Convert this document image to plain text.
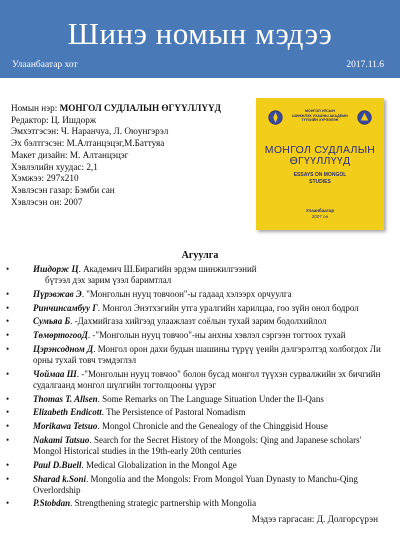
Шинэ номын мэдээ
Улаанбаатар хот	2017.11.6
Номын нэр: МОНГОЛ СУДЛАЛЫН ӨГҮҮЛЛҮҮД
Редактор: Ц. Ишдорж
Эмхэтгэсэн: Ч. Наранчуа, Л. Оюунгэрэл
Эх бэлтгэсэн: М.Алтанцэцэг,М.Баттуяа
Макет дизайн: М. Алтанцэцэг
Хэвлэлийн хуудас: 2,1
Хэмжээ: 297х210
Хэвлэсэн газар: Бэмби сан
Хэвлэсэн он: 2007
МОНГОЛ УЛСЫН
ШИНЖЛЭХ УХААНЫ АКАДЕМИ
ТҮҮХИЙН ХҮРЭЭЛЭН
МОНГОЛ СУДЛАЛЫН
ӨГҮҮЛЛҮҮД
ESSAYS ON MONGOL
STUDIES
Улаанбаатар
2007 он
Агуулга
•	Ишдорж Ц. Академич Ш.Бирагийн эрдэм шинжилгээний
бүтээл дэх зарим үзэл баримтлал
•	Пүрэвжав Э. "Монголын нууц товчоон"-ы гадаад хэлээрх орчуулга
•	Ринчинсамбуу Г. Монгол Энэтхэгийн утга уралгийн харилцаа, гоо зүйн онол бодрол
•	Сумьяа Б. -Дахмийгаза хийгээд улаажлазт соёлын тухай зарим бодолхийлол
•	ТөмөртогооД. -"Монголын нууц товчоо"-ны анхны хэвлэл сэргээн тогтоох тухай
•	Цэрэнсодном Д. Монгол орон дахи будын шашины түрүү үеийн дэлгэрэлтэд холбогдох Ли
орны тухай товч тэмдэглэл
•	Чоймаа Ш. -"Монголын нууц товчоо" болон бусад монгол түүхэн сурвалжийн эх бичгийн
судалгаанд монгол шүлгийн тогтолцооны үүрэг
•	Thomas T. Allsen. Some Remarks on The Language Situation Under the Il-Qans
•	Elizabeth Endicott. The Persistence of Pastoral Nomadism
•	Morikawa Tetsuo. Mongol Chronicle and the Genealogy of the Chinggisid House
•	Nakami Tatsuo. Search for the Secret History of the Mongols: Qing and Japanese scholars'
Mongol Historical studies in the 19th-early 20th centuries
•	Paul D.Buell. Medical Globalization in the Mongol Age
•	Sharad k.Soni. Mongolia and the Mongols: From Mongol Yuan Dynasty to Manchu-Qing
Overlordship
•	P.Stobdan. Strengthening strategic partnership with Mongolia
Мэдээ гаргасан: Д. Долгорсүрэн
